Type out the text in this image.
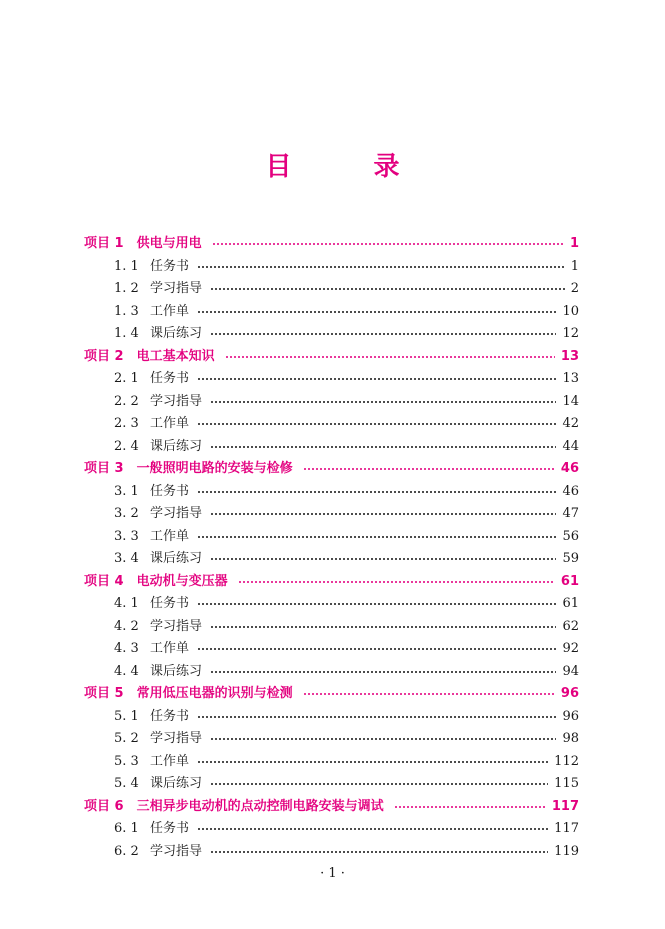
目　录
项目 1　 供电与用电	1
1. 1 任务书	1
1. 2 学习指导	2
1. 3 工作单	10
1. 4 课后练习	12
项目 2　 电工基本知识	13
2. 1 任务书	13
2. 2 学习指导	14
2. 3 工作单	42
2. 4 课后练习	44
项目 3　 一般照明电路的安装与检修	46
3. 1 任务书	46
3. 2 学习指导	47
3. 3 工作单	56
3. 4 课后练习	59
项目 4　 电动机与变压器	61
4. 1 任务书	61
4. 2 学习指导	62
4. 3 工作单	92
4. 4 课后练习	94
项目 5　 常用低压电器的识别与检测	96
5. 1 任务书	96
5. 2 学习指导	98
5. 3 工作单	112
5. 4 课后练习	115
项目 6　 三相异步电动机的点动控制电路安装与调试	117
6. 1 任务书	117
6. 2 学习指导	119
· 1 ·
